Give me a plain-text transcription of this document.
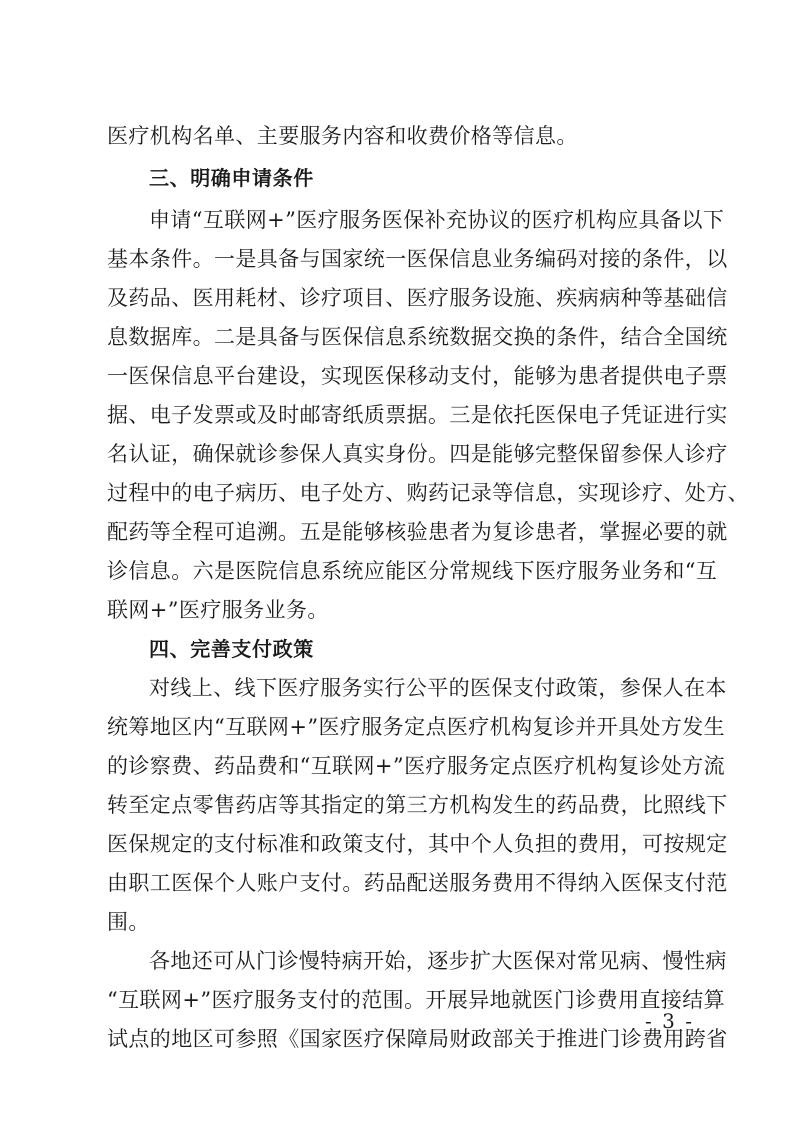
医疗机构名单、主要服务内容和收费价格等信息。
三、明确申请条件
申请“互联网+”医疗服务医保补充协议的医疗机构应具备以下
基本条件。一是具备与国家统一医保信息业务编码对接的条件，以
及药品、医用耗材、诊疗项目、医疗服务设施、疾病病种等基础信
息数据库。二是具备与医保信息系统数据交换的条件，结合全国统
一医保信息平台建设，实现医保移动支付，能够为患者提供电子票
据、电子发票或及时邮寄纸质票据。三是依托医保电子凭证进行实
名认证，确保就诊参保人真实身份。四是能够完整保留参保人诊疗
过程中的电子病历、电子处方、购药记录等信息，实现诊疗、处方、
配药等全程可追溯。五是能够核验患者为复诊患者，掌握必要的就
诊信息。六是医院信息系统应能区分常规线下医疗服务业务和“互
联网+”医疗服务业务。
四、完善支付政策
对线上、线下医疗服务实行公平的医保支付政策，参保人在本
统筹地区内“互联网+”医疗服务定点医疗机构复诊并开具处方发生
的诊察费、药品费和“互联网+”医疗服务定点医疗机构复诊处方流
转至定点零售药店等其指定的第三方机构发生的药品费，比照线下
医保规定的支付标准和政策支付，其中个人负担的费用，可按规定
由职工医保个人账户支付。药品配送服务费用不得纳入医保支付范
围。
各地还可从门诊慢特病开始，逐步扩大医保对常见病、慢性病
“互联网+”医疗服务支付的范围。开展异地就医门诊费用直接结算
试点的地区可参照《国家医疗保障局财政部关于推进门诊费用跨省
- 3 -
